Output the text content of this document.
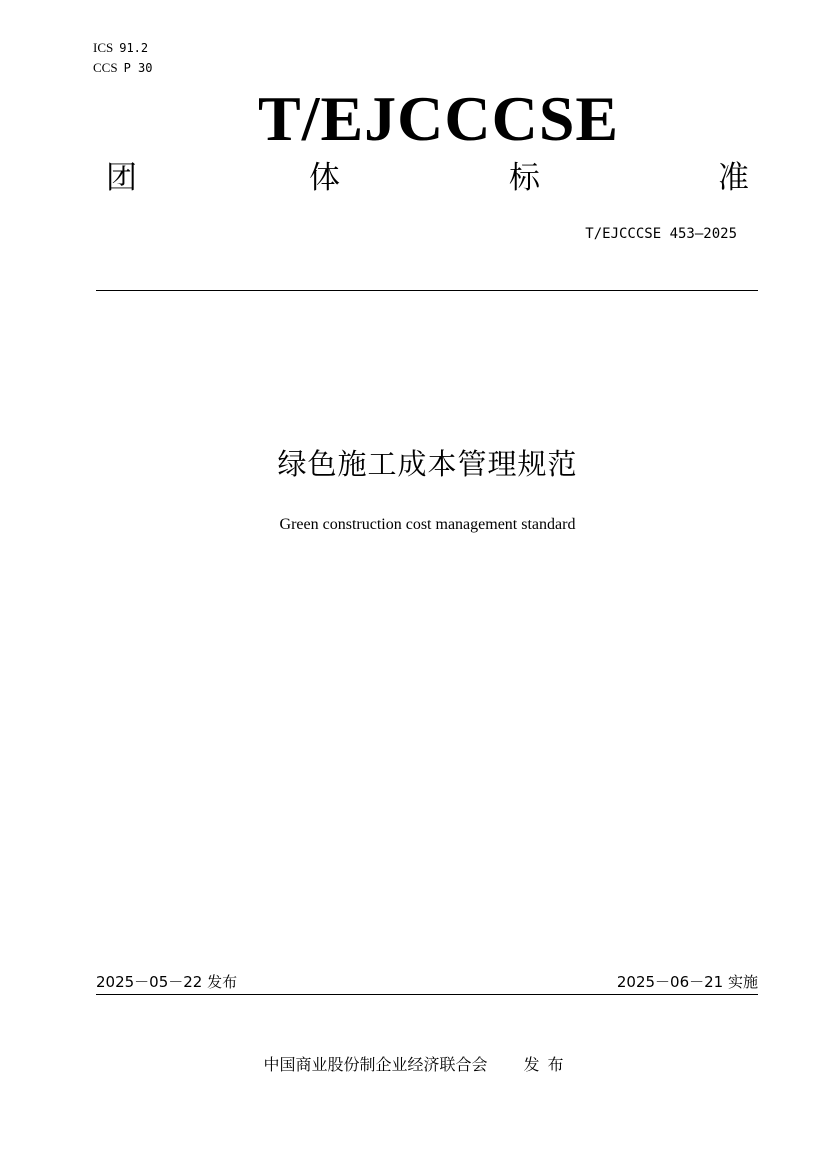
ICS 91.2
CCS P 30
T/EJCCCSE
团	体	标	准
T/EJCCCSE 453—2025
绿色施工成本管理规范
Green construction cost management standard
2025－05－22 发布	2025－06－21 实施
中国商业股份制企业经济联合会 发布
